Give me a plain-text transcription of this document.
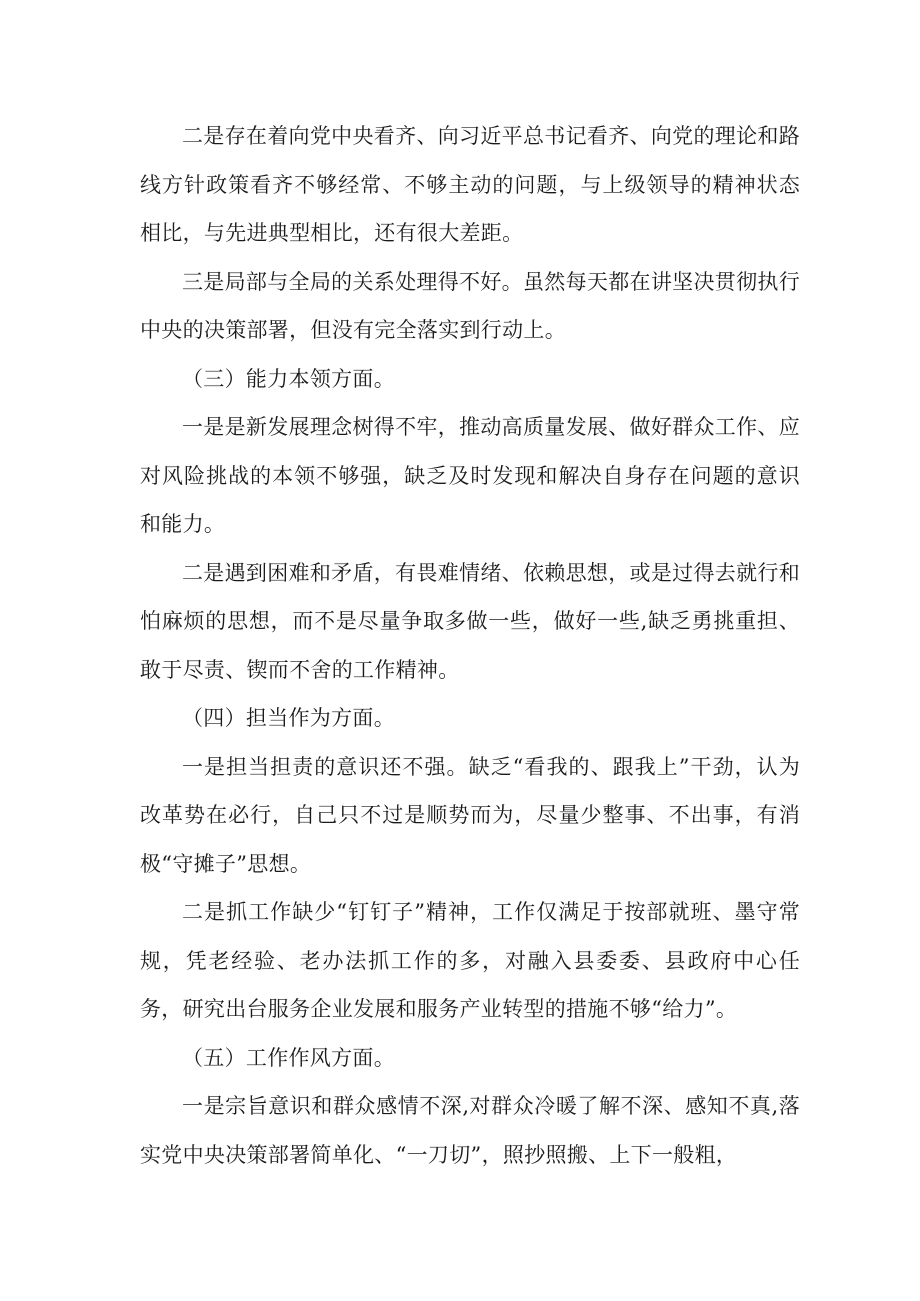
二是存在着向党中央看齐、向习近平总书记看齐、向党的理论和路线方针政策看齐不够经常、不够主动的问题，与上级领导的精神状态相比，与先进典型相比，还有很大差距。

三是局部与全局的关系处理得不好。虽然每天都在讲坚决贯彻执行中央的决策部署，但没有完全落实到行动上。

（三）能力本领方面。

一是是新发展理念树得不牢，推动高质量发展、做好群众工作、应对风险挑战的本领不够强，缺乏及时发现和解决自身存在问题的意识和能力。

二是遇到困难和矛盾，有畏难情绪、依赖思想，或是过得去就行和怕麻烦的思想，而不是尽量争取多做一些，做好一些,缺乏勇挑重担、敢于尽责、锲而不舍的工作精神。

（四）担当作为方面。

一是担当担责的意识还不强。缺乏“看我的、跟我上”干劲，认为改革势在必行，自己只不过是顺势而为，尽量少整事、不出事，有消极“守摊子”思想。

二是抓工作缺少“钉钉子”精神，工作仅满足于按部就班、墨守常规，凭老经验、老办法抓工作的多，对融入县委委、县政府中心任务，研究出台服务企业发展和服务产业转型的措施不够“给力”。

（五）工作作风方面。

一是宗旨意识和群众感情不深,对群众冷暖了解不深、感知不真,落实党中央决策部署简单化、“一刀切”，照抄照搬、上下一般粗，
